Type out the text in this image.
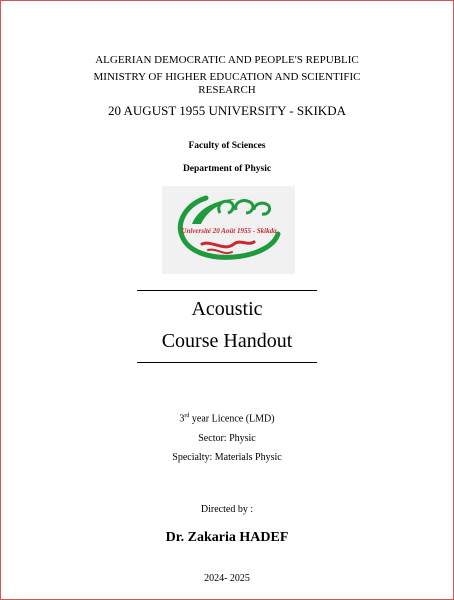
ALGERIAN DEMOCRATIC AND PEOPLE'S REPUBLIC
MINISTRY OF HIGHER EDUCATION AND SCIENTIFIC
RESEARCH
20 AUGUST 1955 UNIVERSITY - SKIKDA
Faculty of Sciences
Department of Physic
Université 20 Août 1955 - Skikda
Acoustic
Course Handout
3rd year Licence (LMD)
Sector: Physic
Specialty: Materials Physic
Directed by :
Dr. Zakaria HADEF
2024- 2025
